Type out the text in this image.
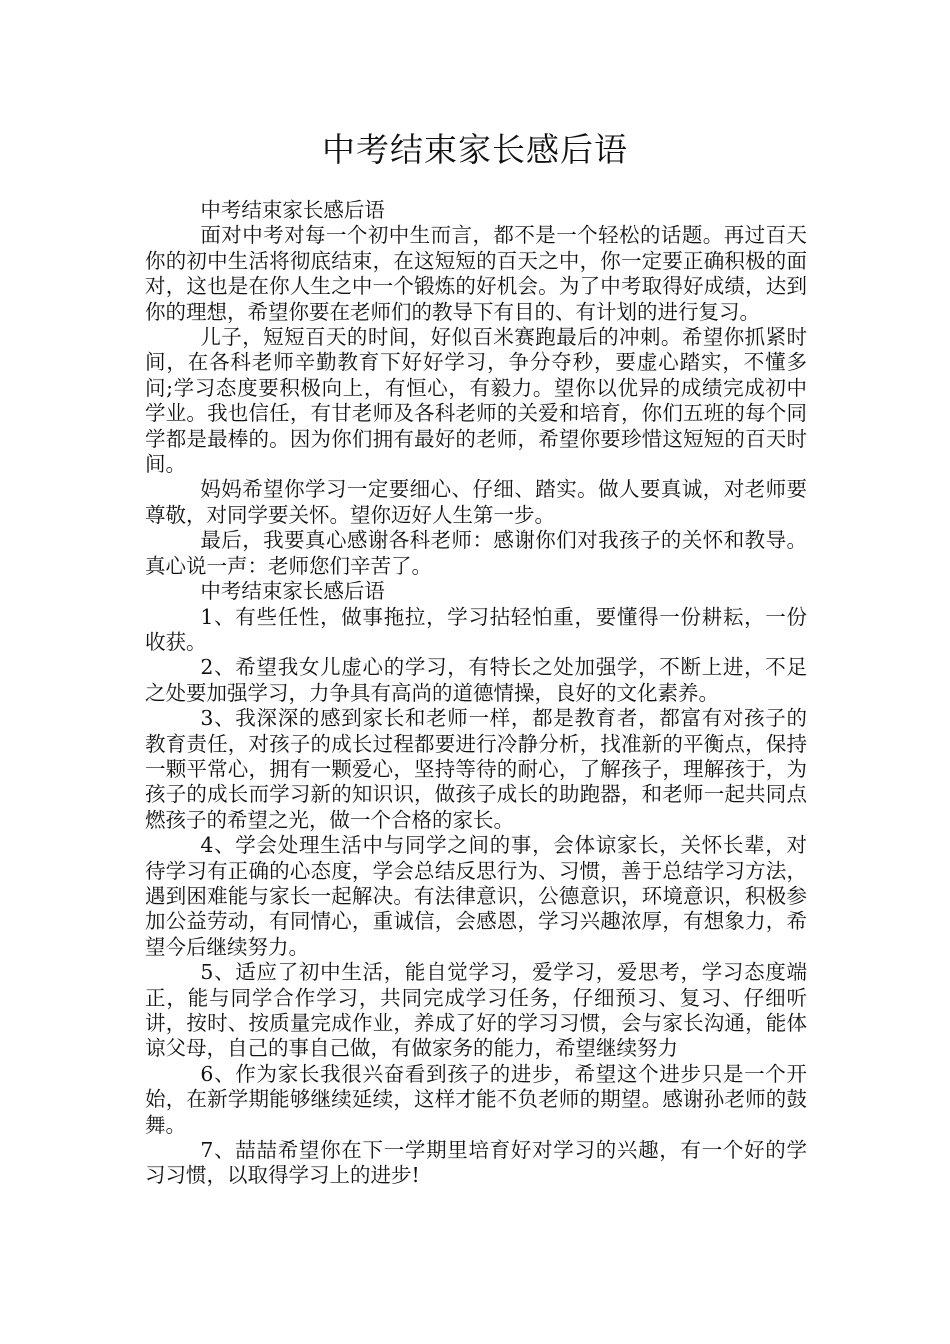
中考结束家长感后语

中考结束家长感后语

面对中考对每一个初中生而言，都不是一个轻松的话题。再过百天你的初中生活将彻底结束，在这短短的百天之中，你一定要正确积极的面对，这也是在你人生之中一个锻炼的好机会。为了中考取得好成绩，达到你的理想，希望你要在老师们的教导下有目的、有计划的进行复习。

儿子，短短百天的时间，好似百米赛跑最后的冲刺。希望你抓紧时间，在各科老师辛勤教育下好好学习，争分夺秒，要虚心踏实，不懂多问;学习态度要积极向上，有恒心，有毅力。望你以优异的成绩完成初中学业。我也信任，有甘老师及各科老师的关爱和培育，你们五班的每个同学都是最棒的。因为你们拥有最好的老师，希望你要珍惜这短短的百天时间。

妈妈希望你学习一定要细心、仔细、踏实。做人要真诚，对老师要尊敬，对同学要关怀。望你迈好人生第一步。

最后，我要真心感谢各科老师：感谢你们对我孩子的关怀和教导。真心说一声：老师您们辛苦了。

中考结束家长感后语

1、有些任性，做事拖拉，学习拈轻怕重，要懂得一份耕耘，一份收获。

2、希望我女儿虚心的学习，有特长之处加强学，不断上进，不足之处要加强学习，力争具有高尚的道德情操，良好的文化素养。

3、我深深的感到家长和老师一样，都是教育者，都富有对孩子的教育责任，对孩子的成长过程都要进行冷静分析，找准新的平衡点，保持一颗平常心，拥有一颗爱心，坚持等待的耐心，了解孩子，理解孩于，为孩子的成长而学习新的知识识，做孩子成长的助跑器，和老师一起共同点燃孩子的希望之光，做一个合格的家长。

4、学会处理生活中与同学之间的事，会体谅家长，关怀长辈，对待学习有正确的心态度，学会总结反思行为、习惯，善于总结学习方法，遇到困难能与家长一起解决。有法律意识，公德意识，环境意识，积极参加公益劳动，有同情心，重诚信，会感恩，学习兴趣浓厚，有想象力，希望今后继续努力。

5、适应了初中生活，能自觉学习，爱学习，爱思考，学习态度端正，能与同学合作学习，共同完成学习任务，仔细预习、复习、仔细听讲，按时、按质量完成作业，养成了好的学习习惯，会与家长沟通，能体谅父母，自己的事自己做，有做家务的能力，希望继续努力

6、作为家长我很兴奋看到孩子的进步，希望这个进步只是一个开始，在新学期能够继续延续，这样才能不负老师的期望。感谢孙老师的鼓舞。

7、喆喆希望你在下一学期里培育好对学习的兴趣，有一个好的学习习惯，以取得学习上的进步!
